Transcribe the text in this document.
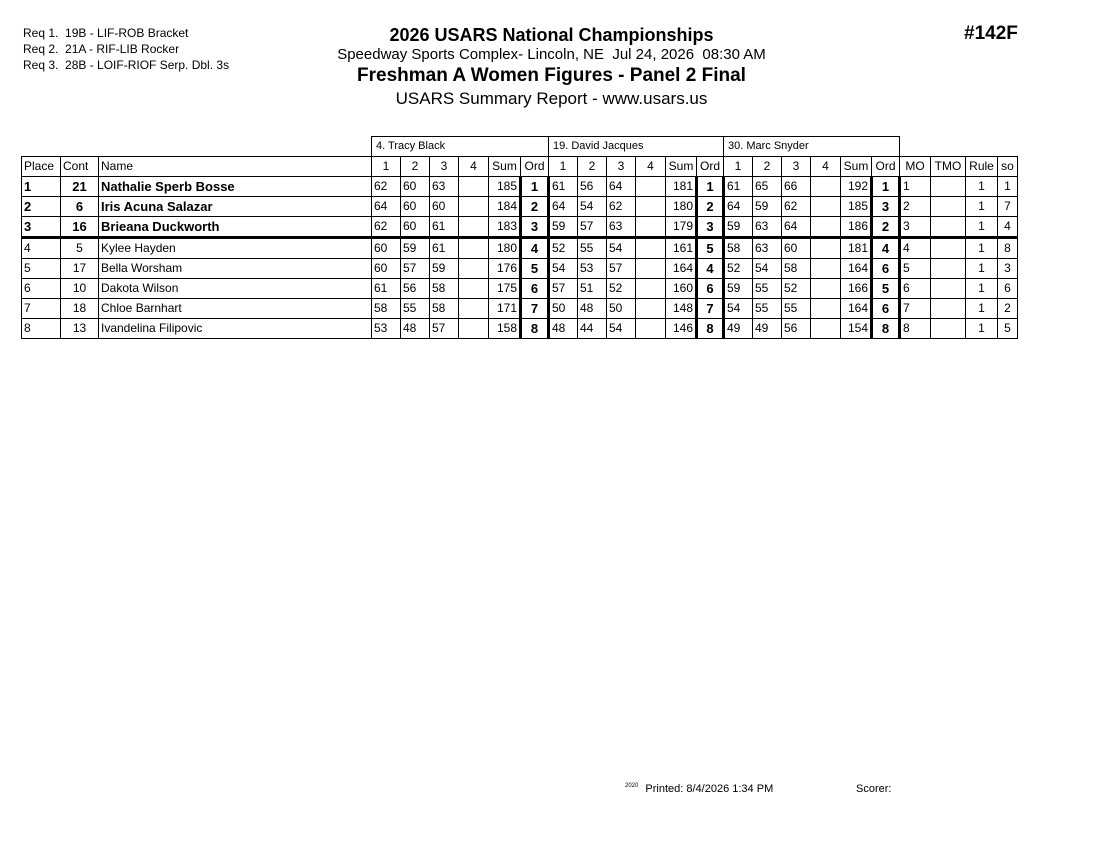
Req 1.  19B - LIF-ROB Bracket
Req 2.  21A - RIF-LIB Rocker
Req 3.  28B - LOIF-RIOF Serp. Dbl. 3s
#142F
2026 USARS National Championships
Speedway Sports Complex- Lincoln, NE  Jul 24, 2026  08:30 AM
Freshman A Women Figures - Panel 2 Final
USARS Summary Report - www.usars.us
			4. Tracy Black						19. David Jacques						30. Marc Snyder									
Place	Cont	Name	1	2	3	4	Sum	Ord	1	2	3	4	Sum	Ord	1	2	3	4	Sum	Ord	MO	TMO	Rule	so
1	21	Nathalie Sperb Bosse	62	60	63		185	1	61	56	64		181	1	61	65	66		192	1	1		1	1
2	6	Iris Acuna Salazar	64	60	60		184	2	64	54	62		180	2	64	59	62		185	3	2		1	7
3	16	Brieana Duckworth	62	60	61		183	3	59	57	63		179	3	59	63	64		186	2	3		1	4
4	5	Kylee Hayden	60	59	61		180	4	52	55	54		161	5	58	63	60		181	4	4		1	8
5	17	Bella Worsham	60	57	59		176	5	54	53	57		164	4	52	54	58		164	6	5		1	3
6	10	Dakota Wilson	61	56	58		175	6	57	51	52		160	6	59	55	52		166	5	6		1	6
7	18	Chloe Barnhart	58	55	58		171	7	50	48	50		148	7	54	55	55		164	6	7		1	2
8	13	Ivandelina Filipovic	53	48	57		158	8	48	44	54		146	8	49	49	56		154	8	8		1	5
$^{2020}$ Printed: 8/4/2026 1:34 PM	Scorer:
